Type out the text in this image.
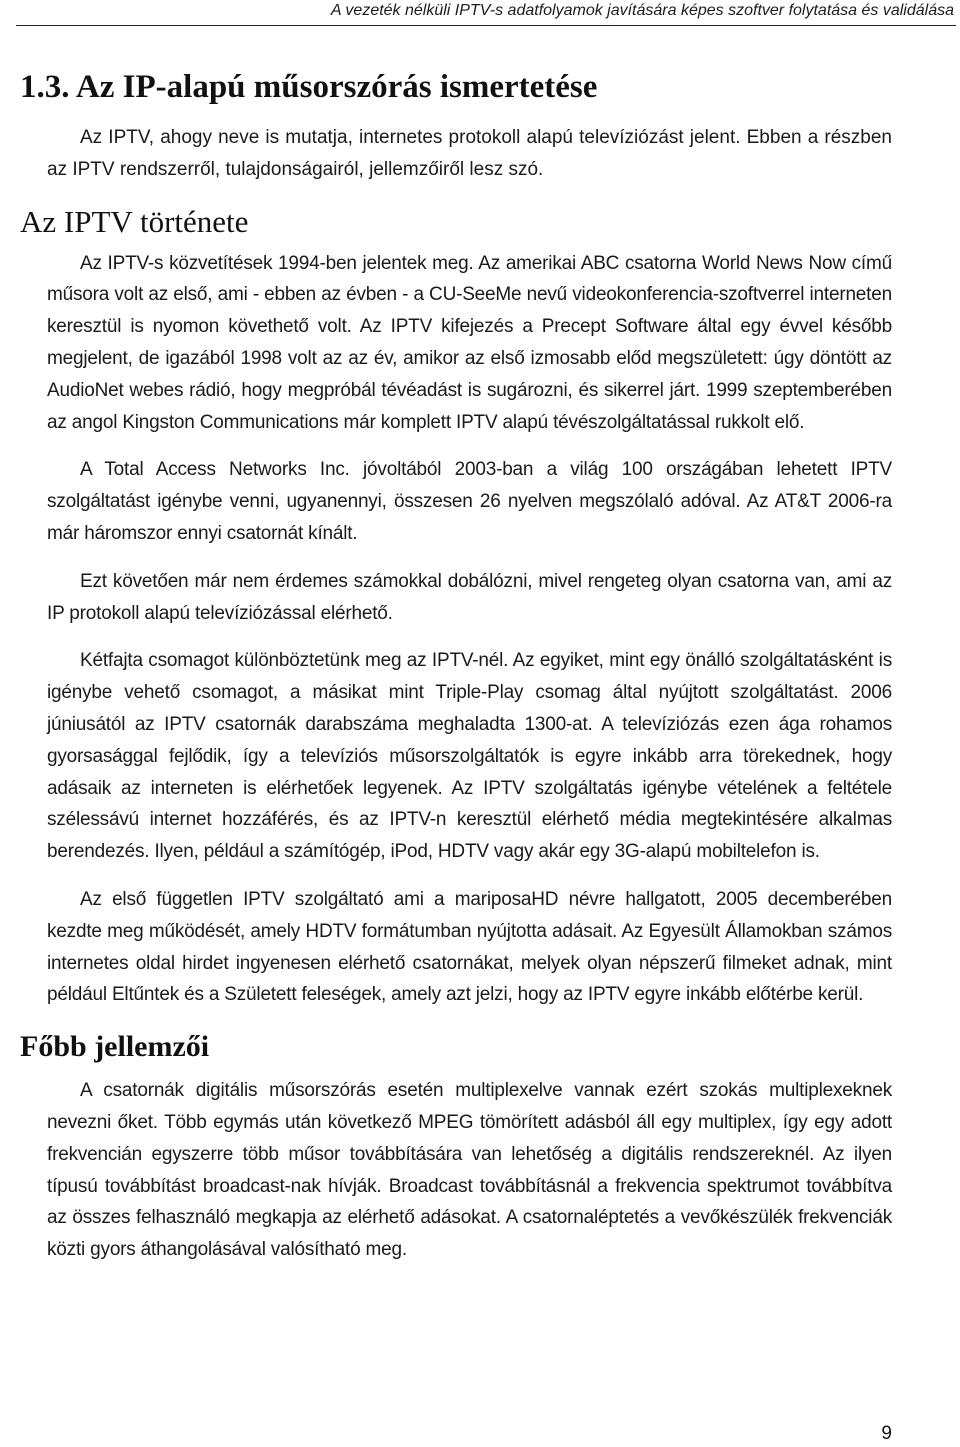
A vezeték nélküli IPTV-s adatfolyamok javítására képes szoftver folytatása és validálása
1.3. Az IP-alapú műsorszórás ismertetése

Az IPTV, ahogy neve is mutatja, internetes protokoll alapú televíziózást jelent. Ebben a részben az IPTV rendszerről, tulajdonságairól, jellemzőiről lesz szó.

Az IPTV története

Az IPTV-s közvetítések 1994-ben jelentek meg. Az amerikai ABC csatorna World News Now című műsora volt az első, ami - ebben az évben - a CU-SeeMe nevű videokonferencia-szoftverrel interneten keresztül is nyomon követhető volt. Az IPTV kifejezés a Precept Software által egy évvel később megjelent, de igazából 1998 volt az az év, amikor az első izmosabb előd megszületett: úgy döntött az AudioNet webes rádió, hogy megpróbál tévéadást is sugározni, és sikerrel járt. 1999 szeptemberében az angol Kingston Communications már komplett IPTV alapú tévészolgáltatással rukkolt elő.

A Total Access Networks Inc. jóvoltából 2003-ban a világ 100 országában lehetett IPTV szolgáltatást igénybe venni, ugyanennyi, összesen 26 nyelven megszólaló adóval. Az AT&T 2006-ra már háromszor ennyi csatornát kínált.

Ezt követően már nem érdemes számokkal dobálózni, mivel rengeteg olyan csatorna van, ami az IP protokoll alapú televíziózással elérhető.

Kétfajta csomagot különböztetünk meg az IPTV-nél. Az egyiket, mint egy önálló szolgáltatásként is igénybe vehető csomagot, a másikat mint Triple-Play csomag által nyújtott szolgáltatást. 2006 júniusától az IPTV csatornák darabszáma meghaladta 1300-at. A televíziózás ezen ága rohamos gyorsasággal fejlődik, így a televíziós műsorszolgáltatók is egyre inkább arra törekednek, hogy adásaik az interneten is elérhetőek legyenek. Az IPTV szolgáltatás igénybe vételének a feltétele szélessávú internet hozzáférés, és az IPTV-n keresztül elérhető média megtekintésére alkalmas berendezés. Ilyen, például a számítógép, iPod, HDTV vagy akár egy 3G-alapú mobiltelefon is.

Az első független IPTV szolgáltató ami a mariposaHD névre hallgatott, 2005 decemberében kezdte meg működését, amely HDTV formátumban nyújtotta adásait. Az Egyesült Államokban számos internetes oldal hirdet ingyenesen elérhető csatornákat, melyek olyan népszerű filmeket adnak, mint például Eltűntek és a Született feleségek, amely azt jelzi, hogy az IPTV egyre inkább előtérbe kerül.

Főbb jellemzői

A csatornák digitális műsorszórás esetén multiplexelve vannak ezért szokás multiplexeknek nevezni őket. Több egymás után következő MPEG tömörített adásból áll egy multiplex, így egy adott frekvencián egyszerre több műsor továbbítására van lehetőség a digitális rendszereknél. Az ilyen típusú továbbítást broadcast-nak hívják. Broadcast továbbításnál a frekvencia spektrumot továbbítva az összes felhasználó megkapja az elérhető adásokat. A csatornaléptetés a vevőkészülék frekvenciák közti gyors áthangolásával valósítható meg.

9
